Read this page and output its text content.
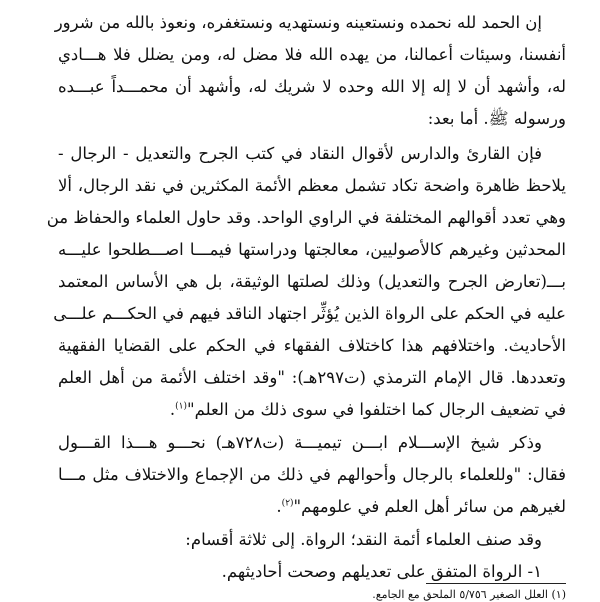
إن الحمد لله نحمده ونستعينه ونستهديه ونستغفره، ونعوذ بالله من شرور
أنفسنا، وسيئات أعمالنا، من يهده الله فلا مضل له، ومن يضلل فلا هـــادي
له، وأشهد أن لا إله إلا الله وحده لا شريك له، وأشهد أن محمـــداً عبـــده
ورسوله ﷺ. أما بعد:
فإن القارئ والدارس لأقوال النقاد في كتب الجرح والتعديل - الرجال -
يلاحظ ظاهرة واضحة تكاد تشمل معظم الأئمة المكثرين في نقد الرجال، ألا
وهي تعدد أقوالهم المختلفة في الراوي الواحد. وقد حاول العلماء والحفاظ من
المحدثين وغيرهم كالأصوليين، معالجتها ودراستها فيمـــا اصـــطلحوا عليـــه
بـــ(تعارض الجرح والتعديل) وذلك لصلتها الوثيقة، بل هي الأساس المعتمد
عليه في الحكم على الرواة الذين يُؤثِّر اجتهاد الناقد فيهم في الحكـــم علـــى
الأحاديث. واختلافهم هذا كاختلاف الفقهاء في الحكم على القضايا الفقهية
وتعددها. قال الإمام الترمذي (ت٢٩٧هـ): "وقد اختلف الأئمة من أهل العلم
في تضعيف الرجال كما اختلفوا في سوى ذلك من العلم"$^{(١)}$.
وذكر شيخ الإســـلام ابـــن تيميـــة (ت٧٢٨هـ) نحـــو هـــذا القـــول
فقال: "وللعلماء بالرجال وأحوالهم في ذلك من الإجماع والاختلاف مثل مـــا
لغيرهم من سائر أهل العلم في علومهم"$^{(٢)}$.
وقد صنف العلماء أئمة النقد؛ الرواة. إلى ثلاثة أقسام:
١- الرواة المتفق على تعديلهم وصحت أحاديثهم.
(١) العلل الصغير ٥/٧٥٦ الملحق مع الجامع.
